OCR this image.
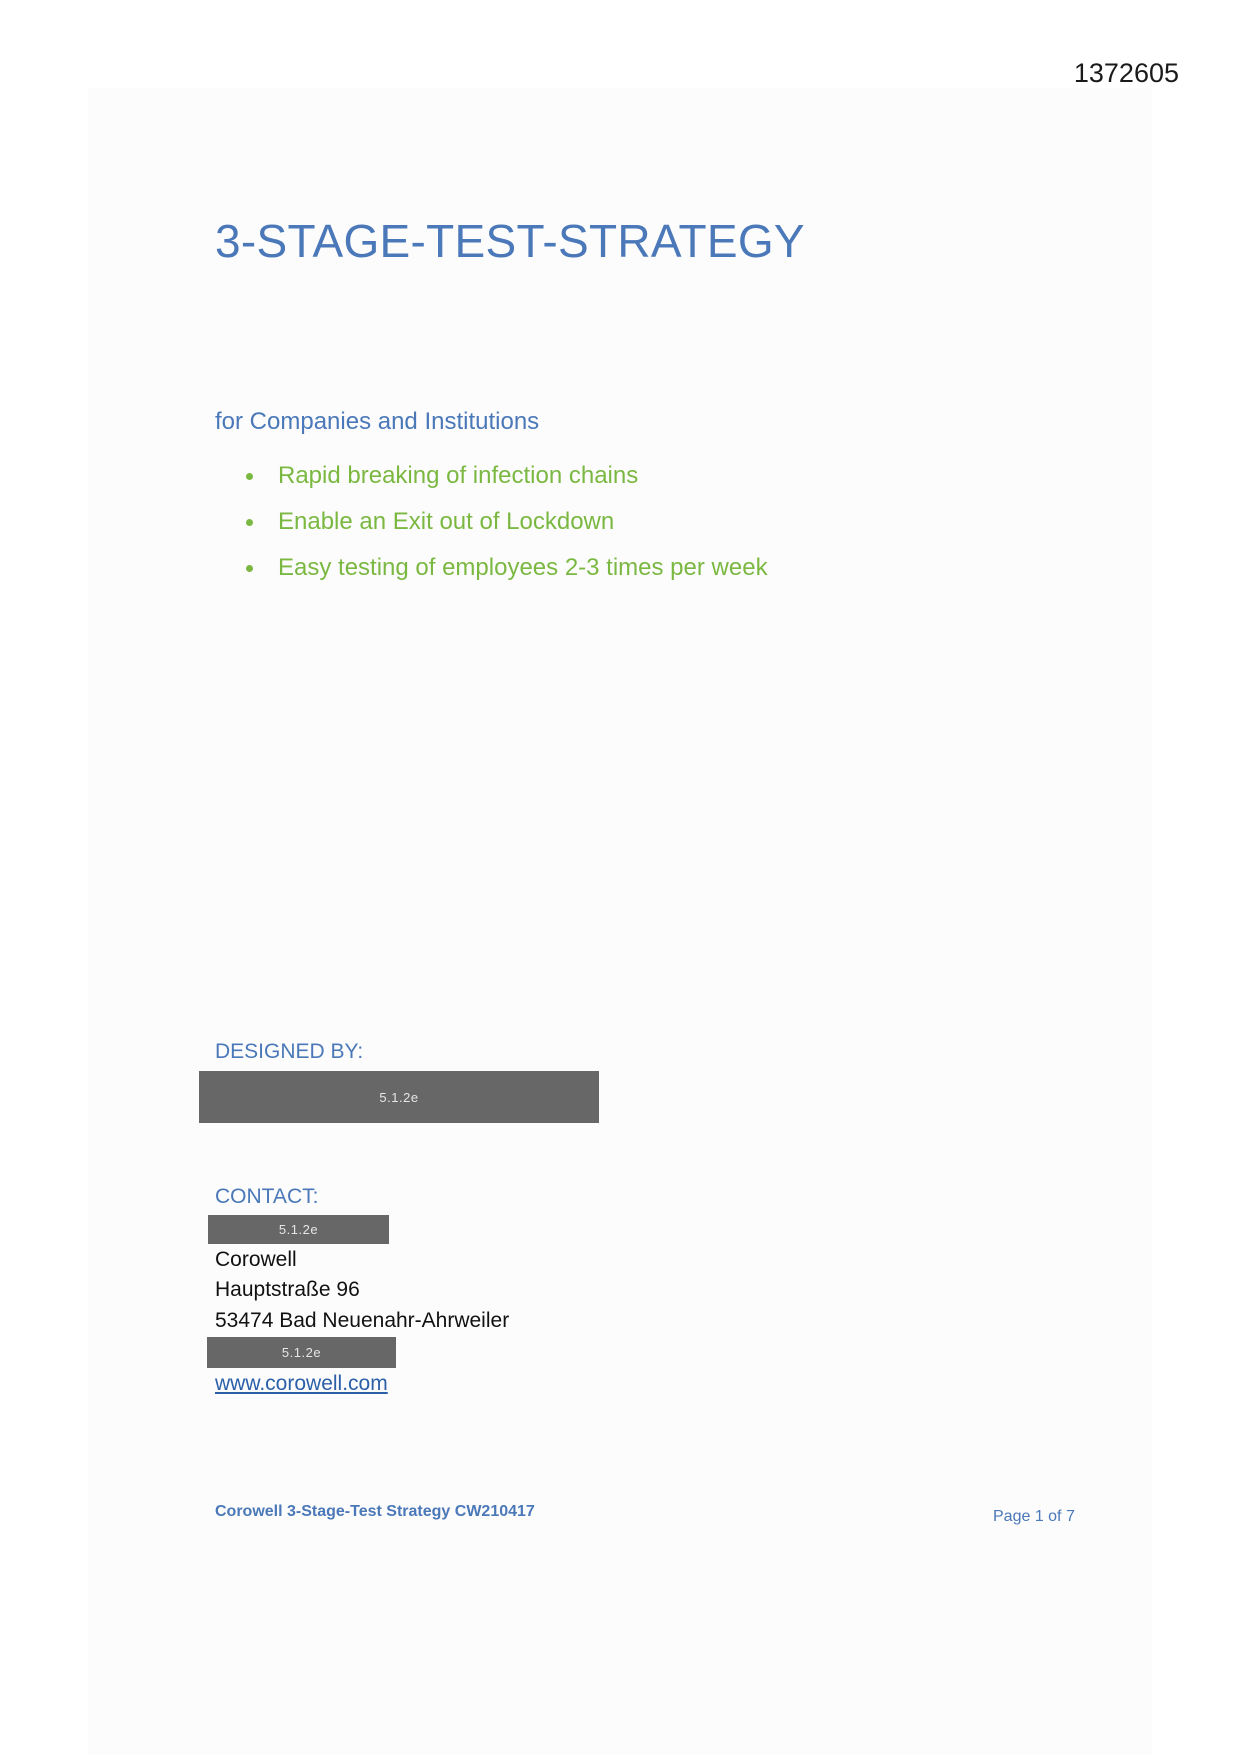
1372605
3-STAGE-TEST-STRATEGY
for Companies and Institutions
Rapid breaking of infection chains
Enable an Exit out of Lockdown
Easy testing of employees 2-3 times per week
DESIGNED BY:
5.1.2e
CONTACT:
5.1.2e
Corowell
Hauptstraße 96
53474 Bad Neuenahr-Ahrweiler
5.1.2e
www.corowell.com
Corowell 3-Stage-Test Strategy CW210417	Page 1 of 7
